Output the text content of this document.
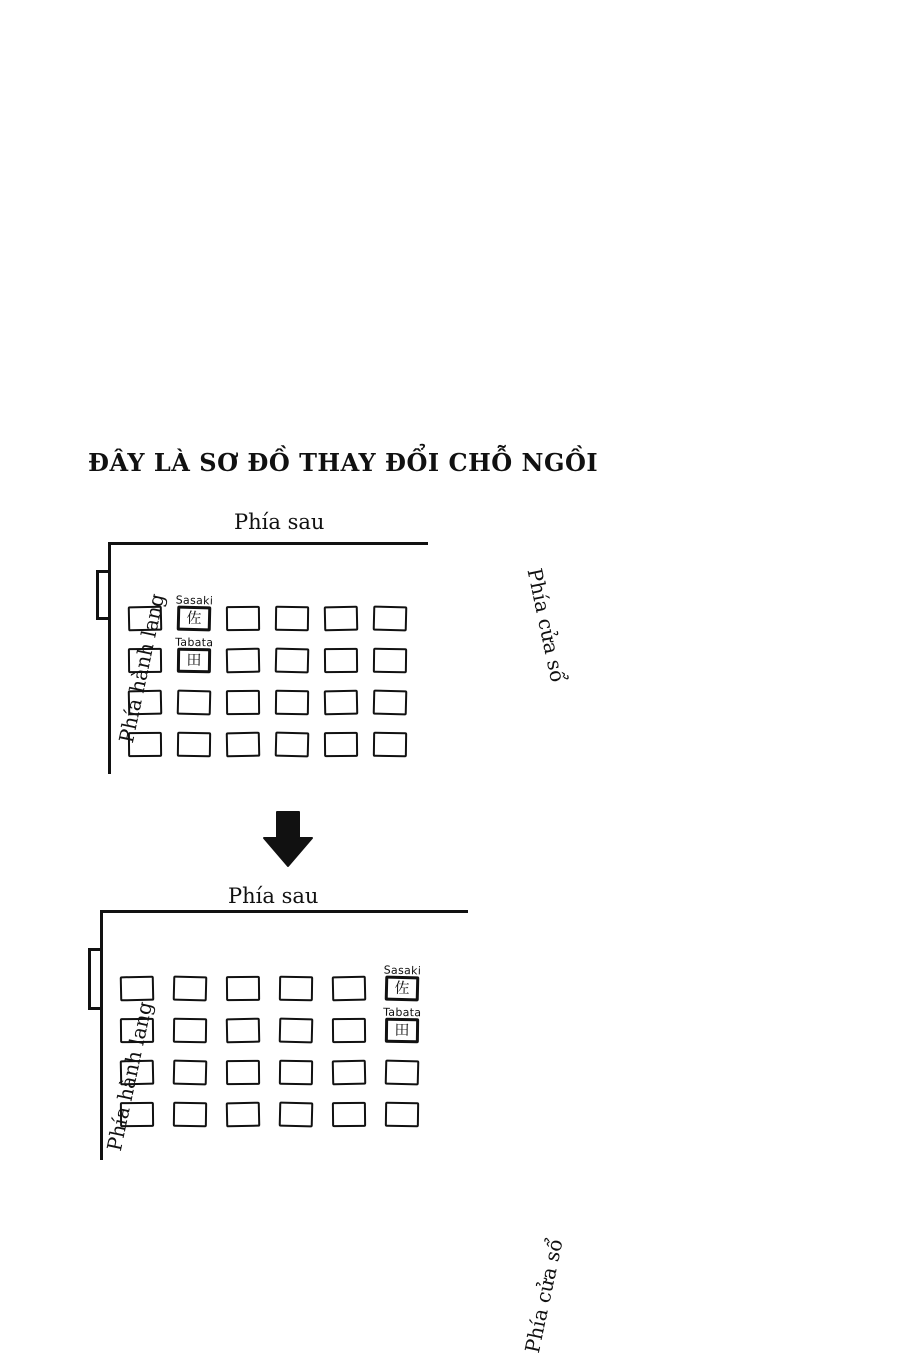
ĐÂY LÀ SƠ ĐỒ THAY ĐỔI CHỖ NGỒI
Phía sau
Phía hành lang	Phía cửa sổ
Sasaki
佐
Tabata
田
Phía sau
Phía hành lang
Phía cửa sổ
Sasaki
佐
Tabata
田
